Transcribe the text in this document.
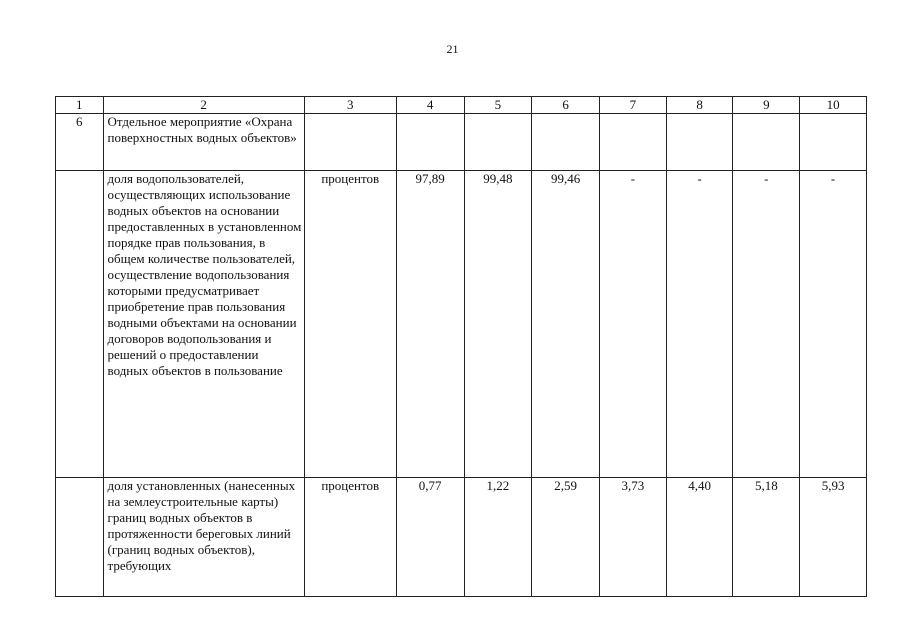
21
1	2	3	4	5	6	7	8	9	10
6	Отдельное мероприятие «Охрана поверхностных водных объектов»								
	доля водопользователей, осуществляющих использование водных объектов на основании предоставленных в установленном порядке прав пользования, в общем количестве пользователей, осуществление водопользования которыми предусматривает приобретение прав пользования водными объектами на основании договоров водопользования и решений о предоставлении водных объектов в пользование	процентов	97,89	99,48	99,46	-	-	-	-
	доля установленных (нанесенных на землеустроительные карты) границ водных объектов в протяженности береговых линий (границ водных объектов), требующих	процентов	0,77	1,22	2,59	3,73	4,40	5,18	5,93
